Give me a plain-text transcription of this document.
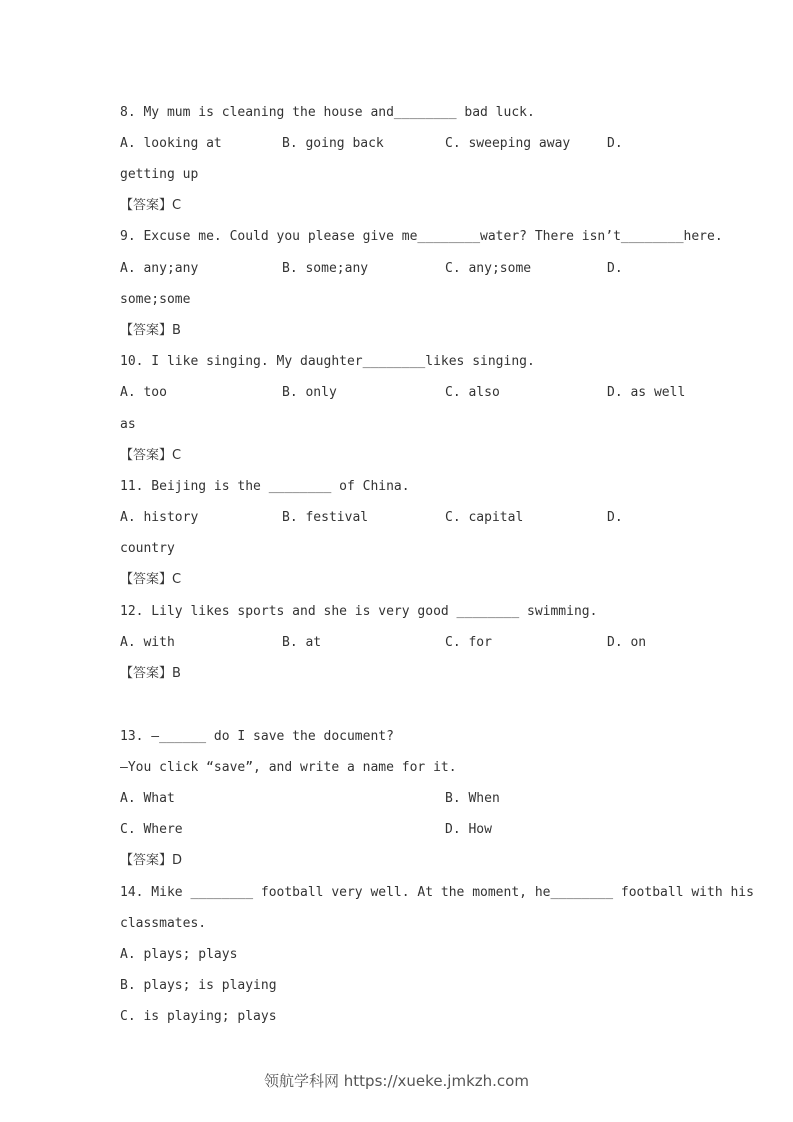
8. My mum is cleaning the house and________ bad luck.
A. looking at	B. going back	C. sweeping away	D.
getting up
【答案】C
9. Excuse me. Could you please give me________water? There isn’t________here.
A. any;any	B. some;any	C. any;some	D.
some;some
【答案】B
10. I like singing. My daughter________likes singing.
A. too	B. only	C. also	D. as well
as
【答案】C
11. Beijing is the ________ of China.
A. history	B. festival	C. capital	D.
country
【答案】C
12. Lily likes sports and she is very good ________ swimming.
A. with	B. at	C. for	D. on
【答案】B
13. —______ do I save the document?
—You click “save”, and write a name for it.
A. What	B. When
C. Where	D. How
【答案】D
14. Mike ________ football very well. At the moment, he________ football with his
classmates.
A. plays; plays
B. plays; is playing
C. is playing; plays
领航学科网 https://xueke.jmkzh.com
